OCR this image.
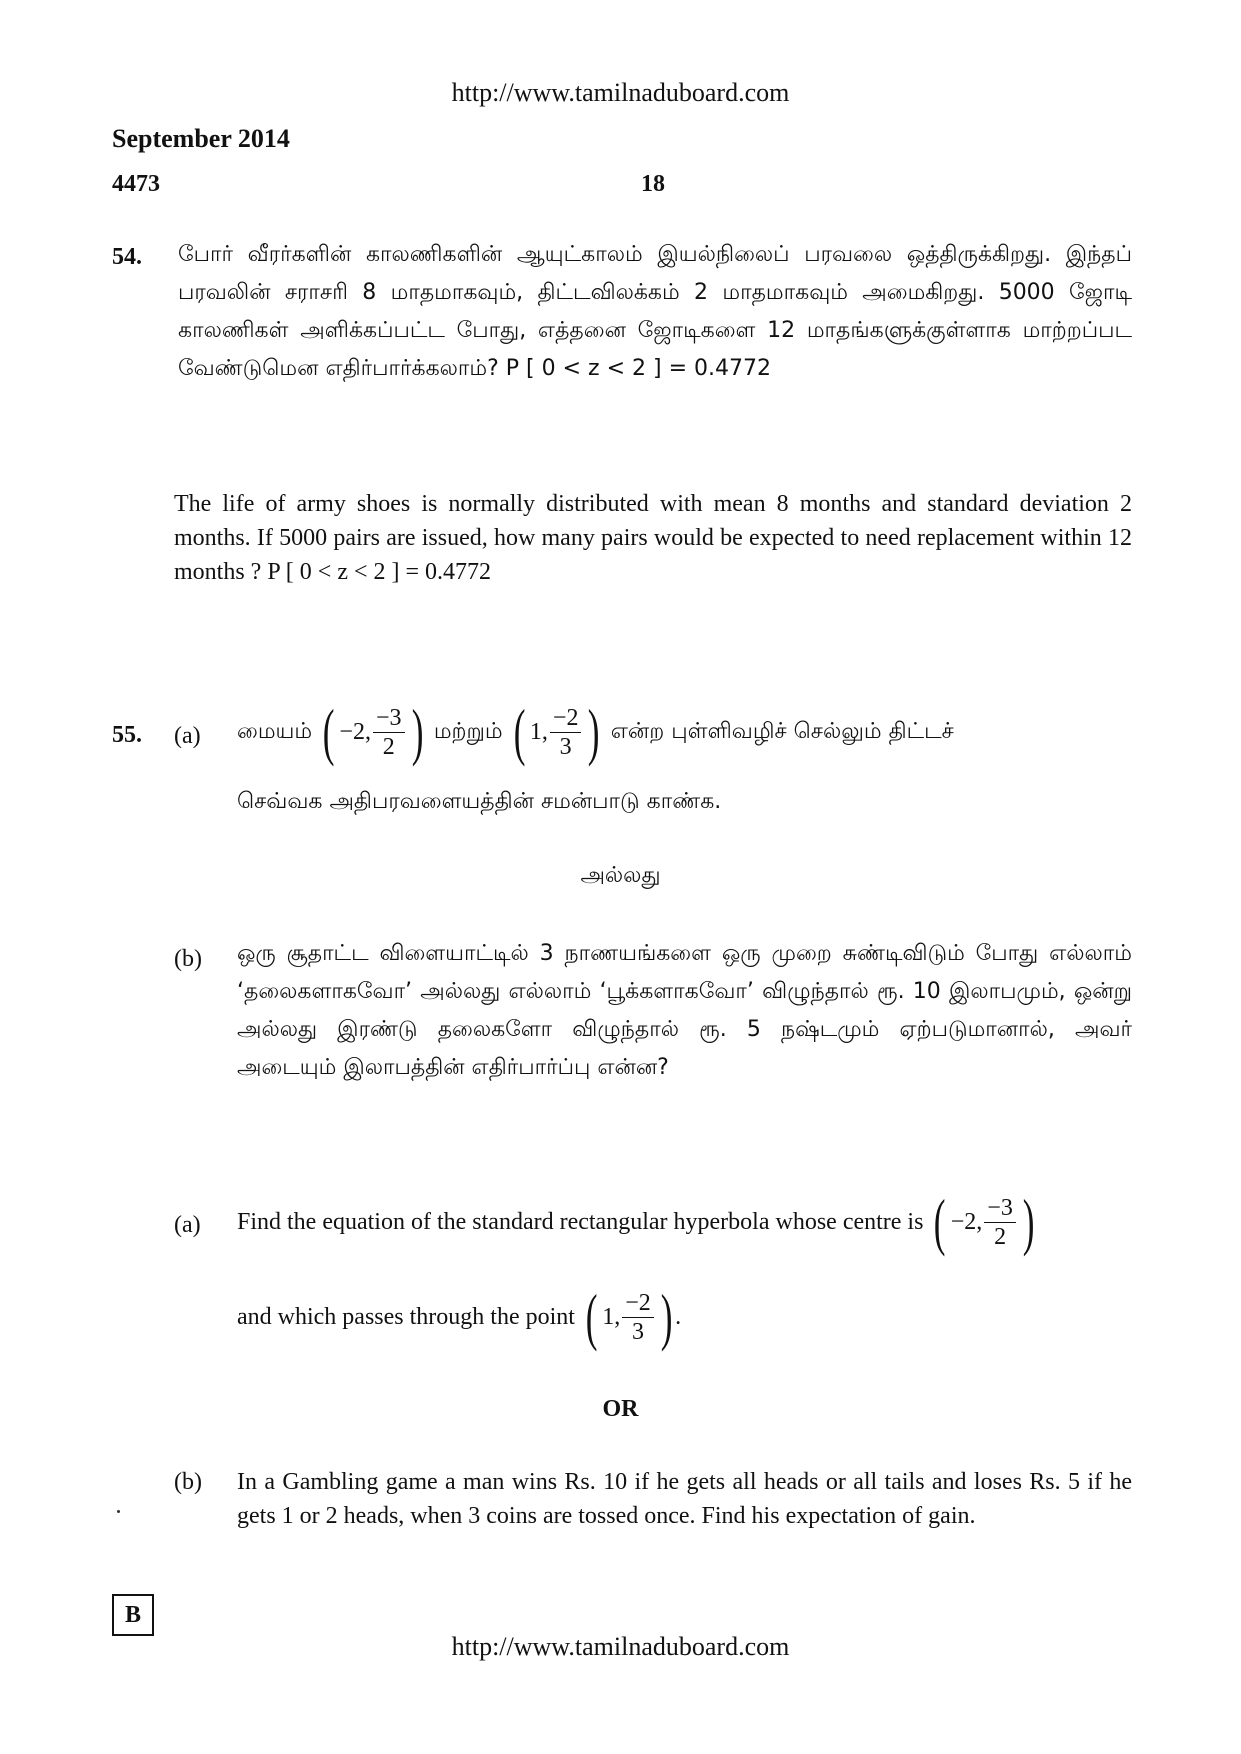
http://www.tamilnaduboard.com
September 2014
4473	18
54. போர் வீரர்களின் காலணிகளின் ஆயுட்காலம் இயல்நிலைப் பரவலை ஒத்திருக்கிறது. இந்தப் பரவலின் சராசரி 8 மாதமாகவும், திட்டவிலக்கம் 2 மாதமாகவும் அமைகிறது. 5000 ஜோடி காலணிகள் அளிக்கப்பட்ட போது, எத்தனை ஜோடிகளை 12 மாதங்களுக்குள்ளாக மாற்றப்பட வேண்டுமென எதிர்பார்க்கலாம்? P [ 0 < z < 2 ] = 0.4772
The life of army shoes is normally distributed with mean 8 months and standard deviation 2 months. If 5000 pairs are issued, how many pairs would be expected to need replacement within 12 months ? P [ 0 < z < 2 ] = 0.4772
55. (a) மையம் ( −2, $\frac{-3}{2}$ ) மற்றும் ( 1, $\frac{-2}{3}$ ) என்ற புள்ளிவழிச் செல்லும் திட்டச்
செவ்வக அதிபரவளையத்தின் சமன்பாடு காண்க.
அல்லது
(b) ஒரு சூதாட்ட விளையாட்டில் 3 நாணயங்களை ஒரு முறை சுண்டிவிடும் போது எல்லாம் ‘தலைகளாகவோ’ அல்லது எல்லாம் ‘பூக்களாகவோ’ விழுந்தால் ரூ. 10 இலாபமும், ஒன்று அல்லது இரண்டு தலைகளோ விழுந்தால் ரூ. 5 நஷ்டமும் ஏற்படுமானால், அவர் அடையும் இலாபத்தின் எதிர்பார்ப்பு என்ன?
(a) Find the equation of the standard rectangular hyperbola whose centre is ( −2, $\frac{-3}{2}$ )
and which passes through the point ( 1, $\frac{-2}{3}$ ) .
OR
(b) In a Gambling game a man wins Rs. 10 if he gets all heads or all tails and loses Rs. 5 if he gets 1 or 2 heads, when 3 coins are tossed once. Find his expectation of gain.
B
http://www.tamilnaduboard.com
